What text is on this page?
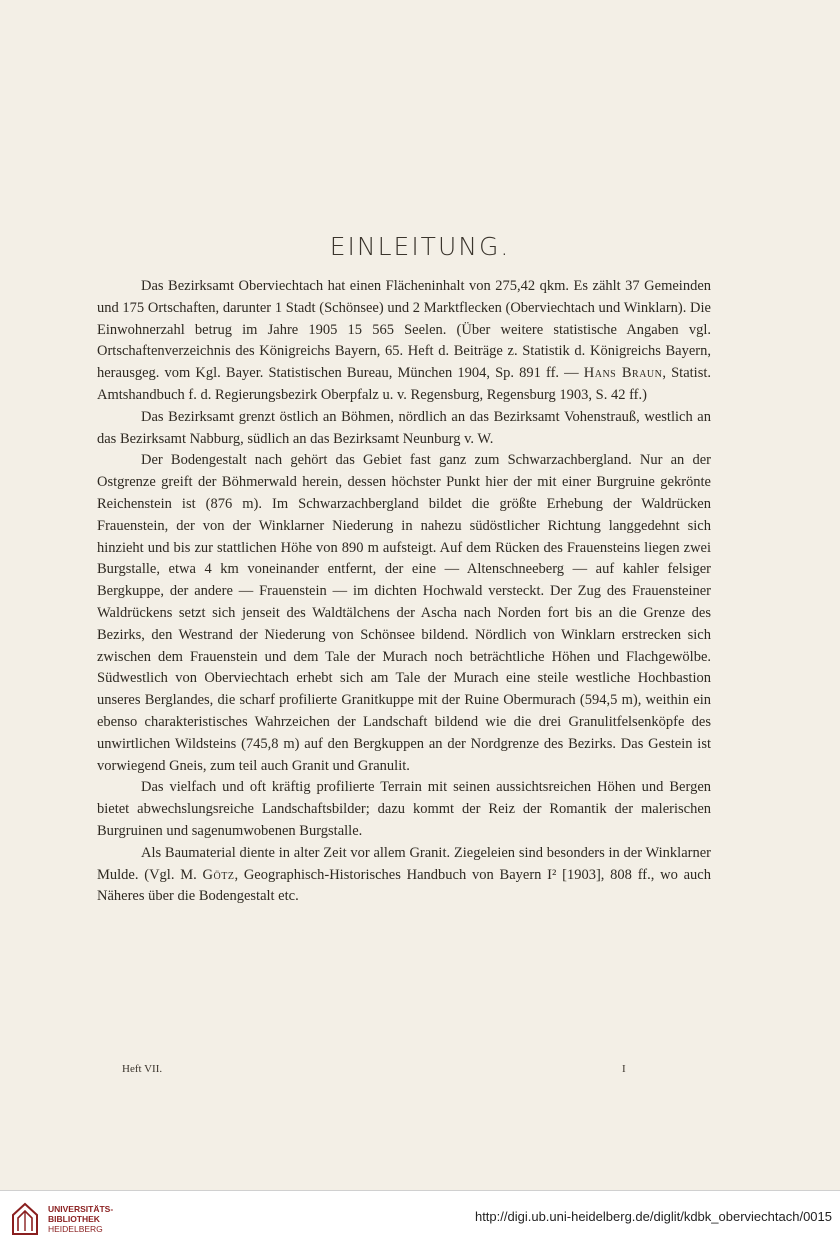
EINLEITUNG.

Das Bezirksamt Oberviechtach hat einen Flächeninhalt von 275,42 qkm. Es zählt 37 Gemeinden und 175 Ortschaften, darunter 1 Stadt (Schönsee) und 2 Marktflecken (Oberviechtach und Winklarn). Die Einwohnerzahl betrug im Jahre 1905 15 565 Seelen. (Über weitere statistische Angaben vgl. Ortschaftenverzeichnis des Königreichs Bayern, 65. Heft d. Beiträge z. Statistik d. Königreichs Bayern, herausgeg. vom Kgl. Bayer. Statistischen Bureau, München 1904, Sp. 891 ff. — Hans Braun, Statist. Amtshandbuch f. d. Regierungsbezirk Oberpfalz u. v. Regensburg, Regensburg 1903, S. 42 ff.)

Das Bezirksamt grenzt östlich an Böhmen, nördlich an das Bezirksamt Vohenstrauß, westlich an das Bezirksamt Nabburg, südlich an das Bezirksamt Neunburg v. W.

Der Bodengestalt nach gehört das Gebiet fast ganz zum Schwarzachbergland. Nur an der Ostgrenze greift der Böhmerwald herein, dessen höchster Punkt hier der mit einer Burgruine gekrönte Reichenstein ist (876 m). Im Schwarzachbergland bildet die größte Erhebung der Waldrücken Frauenstein, der von der Winklarner Niederung in nahezu südöstlicher Richtung langgedehnt sich hinzieht und bis zur stattlichen Höhe von 890 m aufsteigt. Auf dem Rücken des Frauensteins liegen zwei Burgstalle, etwa 4 km voneinander entfernt, der eine — Altenschneeberg — auf kahler felsiger Bergkuppe, der andere — Frauenstein — im dichten Hochwald versteckt. Der Zug des Frauensteiner Waldrückens setzt sich jenseit des Waldtälchens der Ascha nach Norden fort bis an die Grenze des Bezirks, den Westrand der Niederung von Schönsee bildend. Nördlich von Winklarn erstrecken sich zwischen dem Frauenstein und dem Tale der Murach noch beträchtliche Höhen und Flachgewölbe. Südwestlich von Oberviechtach erhebt sich am Tale der Murach eine steile westliche Hochbastion unseres Berglandes, die scharf profilierte Granitkuppe mit der Ruine Obermurach (594,5 m), weithin ein ebenso charakteristisches Wahrzeichen der Landschaft bildend wie die drei Granulitfelsenköpfe des unwirtlichen Wildsteins (745,8 m) auf den Bergkuppen an der Nordgrenze des Bezirks. Das Gestein ist vorwiegend Gneis, zum teil auch Granit und Granulit.

Das vielfach und oft kräftig profilierte Terrain mit seinen aussichtsreichen Höhen und Bergen bietet abwechslungsreiche Landschaftsbilder; dazu kommt der Reiz der Romantik der malerischen Burgruinen und sagenumwobenen Burgstalle.

Als Baumaterial diente in alter Zeit vor allem Granit. Ziegeleien sind besonders in der Winklarner Mulde. (Vgl. M. Götz, Geographisch-Historisches Handbuch von Bayern I² [1903], 808 ff., wo auch Näheres über die Bodengestalt etc.

Heft VII.	I
UNIVERSITÄTS-
BIBLIOTHEK
HEIDELBERG
http://digi.ub.uni-heidelberg.de/diglit/kdbk_oberviechtach/0015
